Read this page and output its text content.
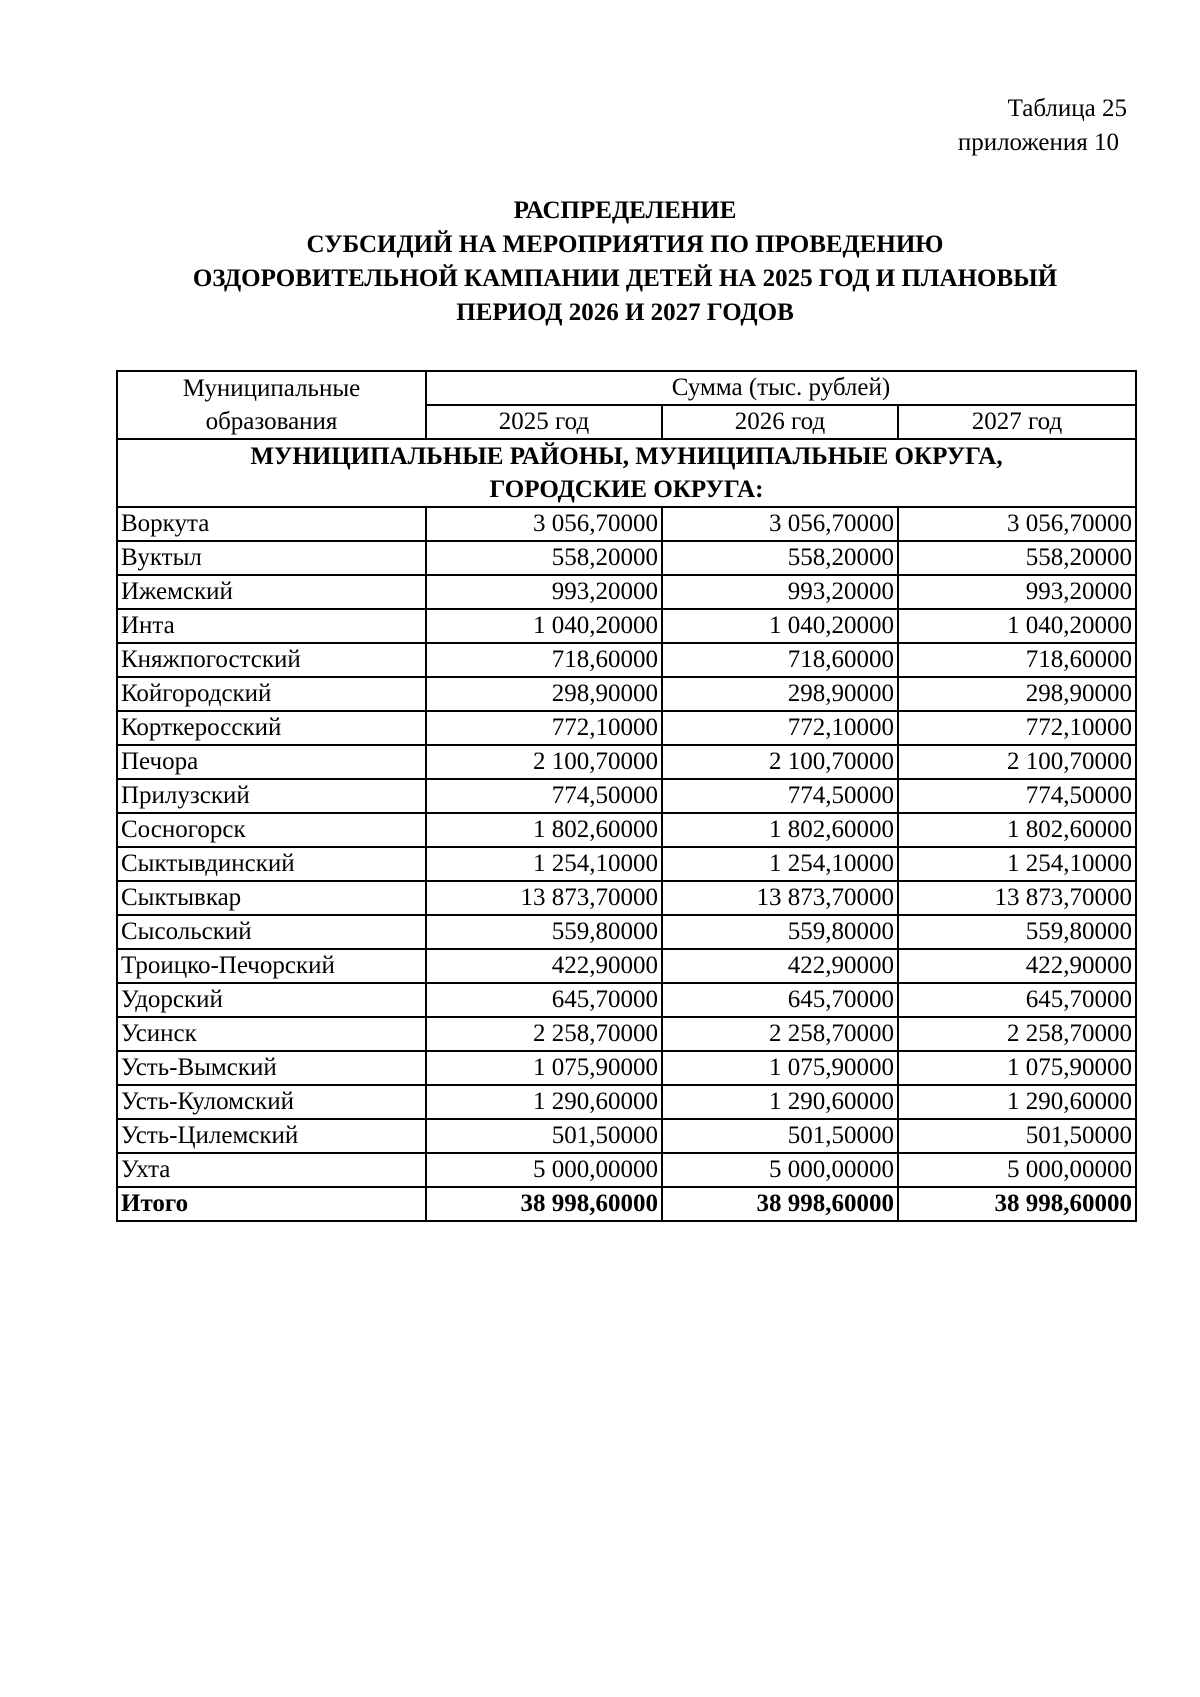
Таблица 25
приложения 10
РАСПРЕДЕЛЕНИЕ
СУБСИДИЙ НА МЕРОПРИЯТИЯ ПО ПРОВЕДЕНИЮ
ОЗДОРОВИТЕЛЬНОЙ КАМПАНИИ ДЕТЕЙ НА 2025 ГОД И ПЛАНОВЫЙ
ПЕРИОД 2026 И 2027 ГОДОВ
Муниципальные
образования	Сумма (тыс. рублей)		
	2025 год	2026 год	2027 год

МУНИЦИПАЛЬНЫЕ РАЙОНЫ, МУНИЦИПАЛЬНЫЕ ОКРУГА,
ГОРОДСКИЕ ОКРУГА:			

Воркута	3 056,70000	3 056,70000	3 056,70000
Вуктыл	558,20000	558,20000	558,20000
Ижемский	993,20000	993,20000	993,20000
Инта	1 040,20000	1 040,20000	1 040,20000
Княжпогостский	718,60000	718,60000	718,60000
Койгородский	298,90000	298,90000	298,90000
Корткеросский	772,10000	772,10000	772,10000
Печора	2 100,70000	2 100,70000	2 100,70000
Прилузский	774,50000	774,50000	774,50000
Сосногорск	1 802,60000	1 802,60000	1 802,60000
Сыктывдинский	1 254,10000	1 254,10000	1 254,10000
Сыктывкар	13 873,70000	13 873,70000	13 873,70000
Сысольский	559,80000	559,80000	559,80000
Троицко-Печорский	422,90000	422,90000	422,90000
Удорский	645,70000	645,70000	645,70000
Усинск	2 258,70000	2 258,70000	2 258,70000
Усть-Вымский	1 075,90000	1 075,90000	1 075,90000
Усть-Куломский	1 290,60000	1 290,60000	1 290,60000
Усть-Цилемский	501,50000	501,50000	501,50000
Ухта	5 000,00000	5 000,00000	5 000,00000
Итого	38 998,60000	38 998,60000	38 998,60000
